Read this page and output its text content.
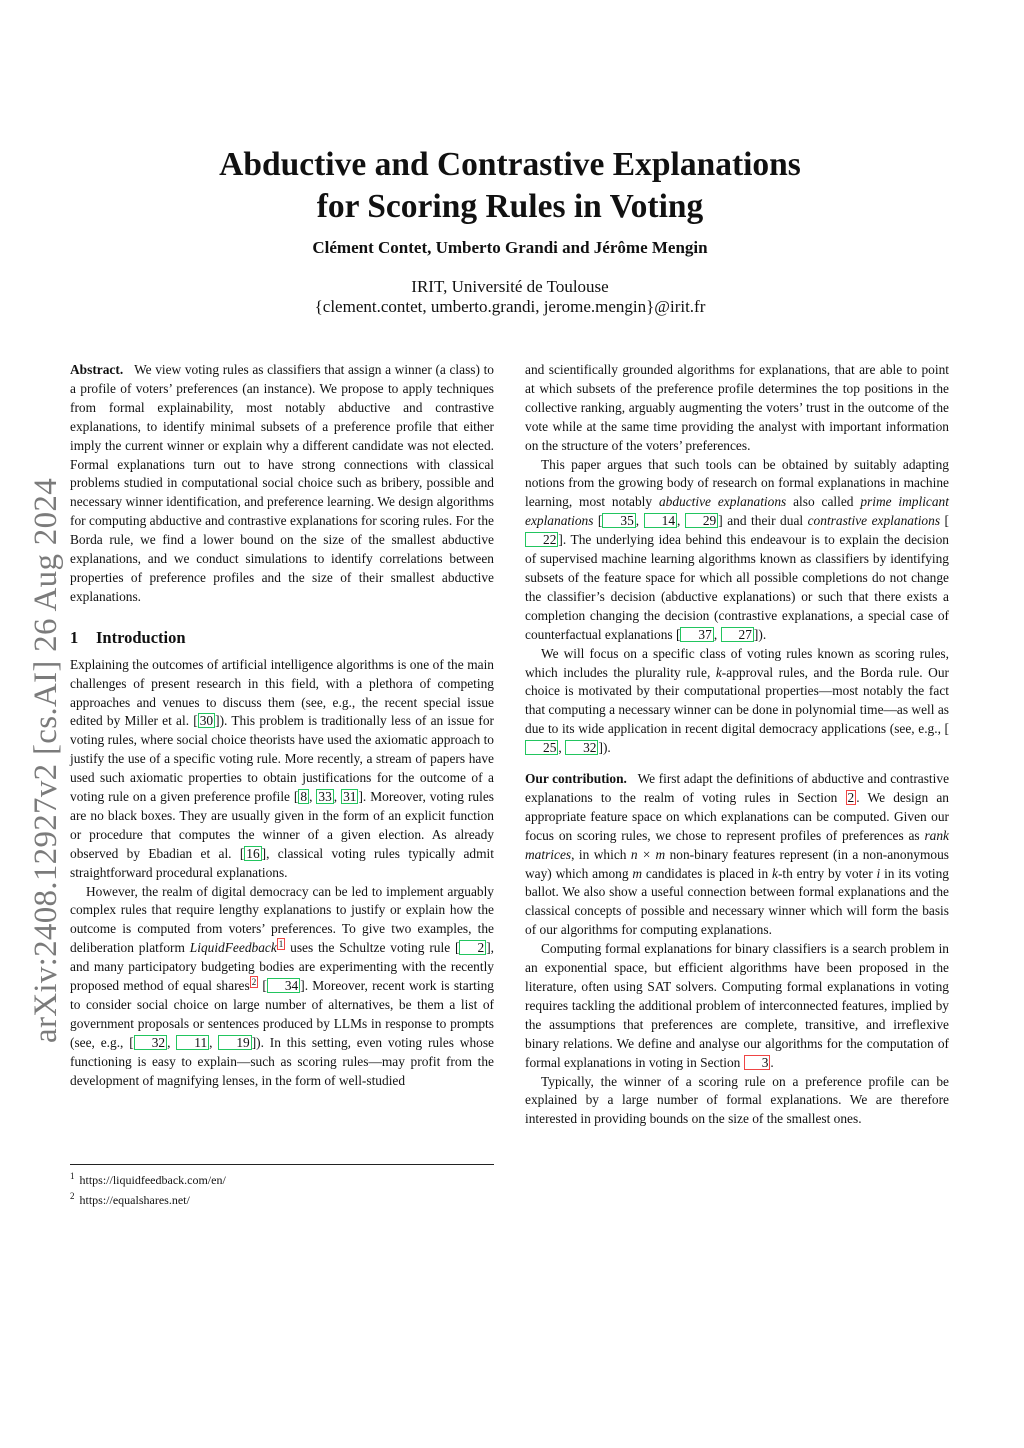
arXiv:2408.12927v2 [cs.AI] 26 Aug 2024
Abductive and Contrastive Explanations
for Scoring Rules in Voting
Clément Contet, Umberto Grandi and Jérôme Mengin
IRIT, Université de Toulouse
{clement.contet, umberto.grandi, jerome.mengin}@irit.fr

Abstract. We view voting rules as classifiers that assign a winner (a class) to a profile of voters’ preferences (an instance). We propose to apply techniques from formal explainability, most notably abductive and contrastive explanations, to identify minimal subsets of a preference profile that either imply the current winner or explain why a different candidate was not elected. Formal explanations turn out to have strong connections with classical problems studied in computational social choice such as bribery, possible and necessary winner identification, and preference learning. We design algorithms for computing abductive and contrastive explanations for scoring rules. For the Borda rule, we find a lower bound on the size of the smallest abductive explanations, and we conduct simulations to identify correlations between properties of preference profiles and the size of their smallest abductive explanations.

1 Introduction

Explaining the outcomes of artificial intelligence algorithms is one of the main challenges of present research in this field, with a plethora of competing approaches and venues to discuss them (see, e.g., the recent special issue edited by Miller et al. [ 30 ]). This problem is traditionally less of an issue for voting rules, where social choice theorists have used the axiomatic approach to justify the use of a specific voting rule. More recently, a stream of papers have used such axiomatic properties to obtain justifications for the outcome of a voting rule on a given preference profile [ 8 , 33 , 31 ]. Moreover, voting rules are no black boxes. They are usually given in the form of an explicit function or procedure that computes the winner of a given election. As already observed by Ebadian et al. [ 16 ], classical voting rules typically admit straightforward procedural explanations.

However, the realm of digital democracy can be led to implement arguably complex rules that require lengthy explanations to justify or explain how the outcome is computed from voters’ preferences. To give two examples, the deliberation platform LiquidFeedback $^1$ uses the Schultze voting rule [ 2 ], and many participatory budgeting bodies are experimenting with the recently proposed method of equal shares $^2$ [ 34 ]. Moreover, recent work is starting to consider social choice on large number of alternatives, be them a list of government proposals or sentences produced by LLMs in response to prompts (see, e.g., [ 32 , 11 , 19 ]). In this setting, even voting rules whose functioning is easy to explain—such as scoring rules—may profit from the development of magnifying lenses, in the form of well-studied

$^1$ https://liquidfeedback.com/en/
$^2$ https://equalshares.net/

and scientifically grounded algorithms for explanations, that are able to point at which subsets of the preference profile determines the top positions in the collective ranking, arguably augmenting the voters’ trust in the outcome of the vote while at the same time providing the analyst with important information on the structure of the voters’ preferences.

This paper argues that such tools can be obtained by suitably adapting notions from the growing body of research on formal explanations in machine learning, most notably abductive explanations also called prime implicant explanations [ 35 , 14 , 29 ] and their dual contrastive explanations [22 ]. The underlying idea behind this endeavour is to explain the decision of supervised machine learning algorithms known as classifiers by identifying subsets of the feature space for which all possible completions do not change the classifier’s decision (abductive explanations) or such that there exists a completion changing the decision (contrastive explanations, a special case of counterfactual explanations [ 37 , 27 ]).

We will focus on a specific class of voting rules known as scoring rules, which includes the plurality rule, k-approval rules, and the Borda rule. Our choice is motivated by their computational properties—most notably the fact that computing a necessary winner can be done in polynomial time—as well as due to its wide application in recent digital democracy applications (see, e.g., [25 , 32 ]).

Our contribution. We first adapt the definitions of abductive and contrastive explanations to the realm of voting rules in Section 2 . We design an appropriate feature space on which explanations can be computed. Given our focus on scoring rules, we chose to represent profiles of preferences as rank matrices, in which n × m non-binary features represent (in a non-anonymous way) which among m candidates is placed in k-th entry by voter i in its voting ballot. We also show a useful connection between formal explanations and the classical concepts of possible and necessary winner which will form the basis of our algorithms for computing explanations.

Computing formal explanations for binary classifiers is a search problem in an exponential space, but efficient algorithms have been proposed in the literature, often using SAT solvers. Computing formal explanations in voting requires tackling the additional problem of interconnected features, implied by the assumptions that preferences are complete, transitive, and irreflexive binary relations. We define and analyse our algorithms for the computation of formal explanations in voting in Section 3 .

Typically, the winner of a scoring rule on a preference profile can be explained by a large number of formal explanations. We are therefore interested in providing bounds on the size of the smallest ones.
